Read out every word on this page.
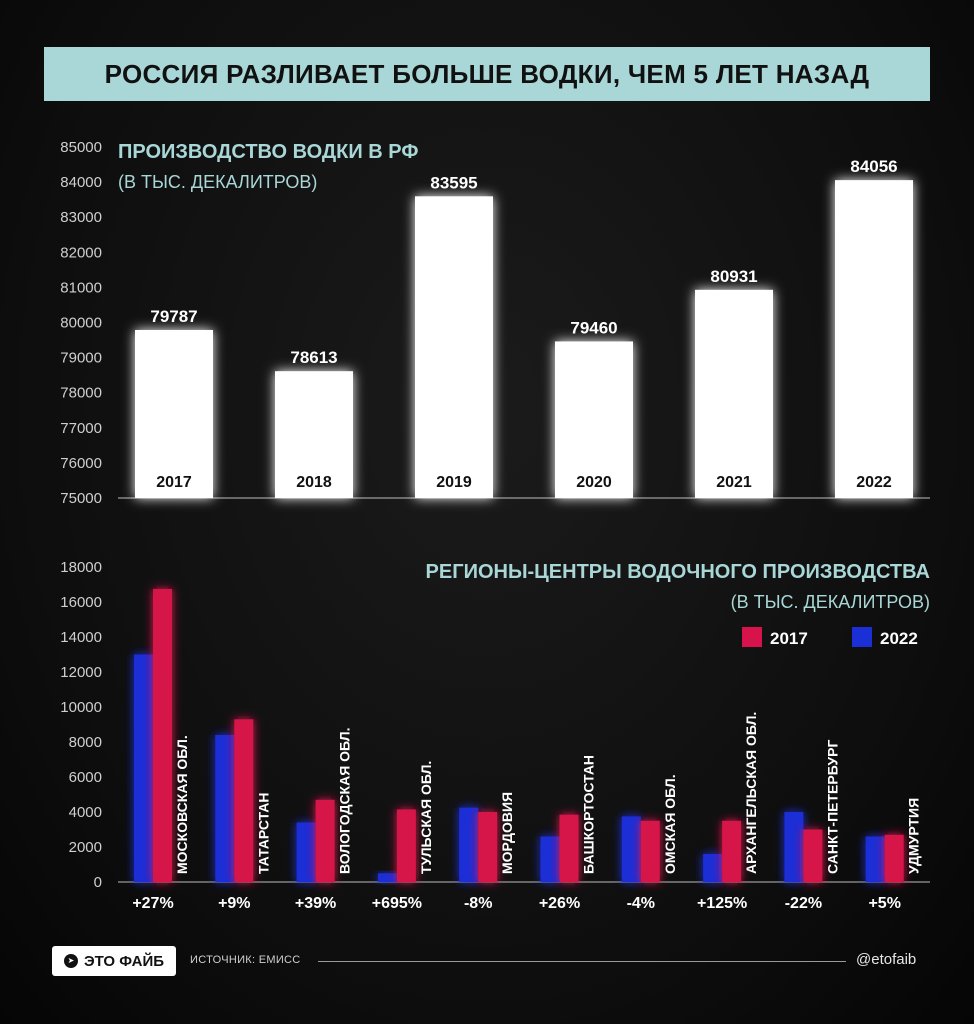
РОССИЯ РАЗЛИВАЕТ БОЛЬШЕ ВОДКИ, ЧЕМ 5 ЛЕТ НАЗАД
ПРОИЗВОДСТВО ВОДКИ В РФ
(В ТЫС. ДЕКАЛИТРОВ)
85000
84000
83000
82000
81000
80000
79000
78000
77000
76000
75000
79787
2017
78613
2018
83595
2019
79460
2020
80931
2021
84056
2022
РЕГИОНЫ-ЦЕНТРЫ ВОДОЧНОГО ПРОИЗВОДСТВА
(В ТЫС. ДЕКАЛИТРОВ)
2017	2022
18000
16000
14000
12000
10000
8000
6000
4000
2000
0
МОСКОВСКАЯ ОБЛ.
+27%
ТАТАРСТАН
+9%
ВОЛОГОДСКАЯ ОБЛ.
+39%
ТУЛЬСКАЯ ОБЛ.
+695%
МОРДОВИЯ
-8%
БАШКОРТОСТАН
+26%
ОМСКАЯ ОБЛ.
-4%
АРХАНГЕЛЬСКАЯ ОБЛ.
+125%
САНКТ-ПЕТЕРБУРГ
-22%
УДМУРТИЯ
+5%
➤ ЭТО ФАЙБ ИСТОЧНИК: ЕМИСС	@etofaib
